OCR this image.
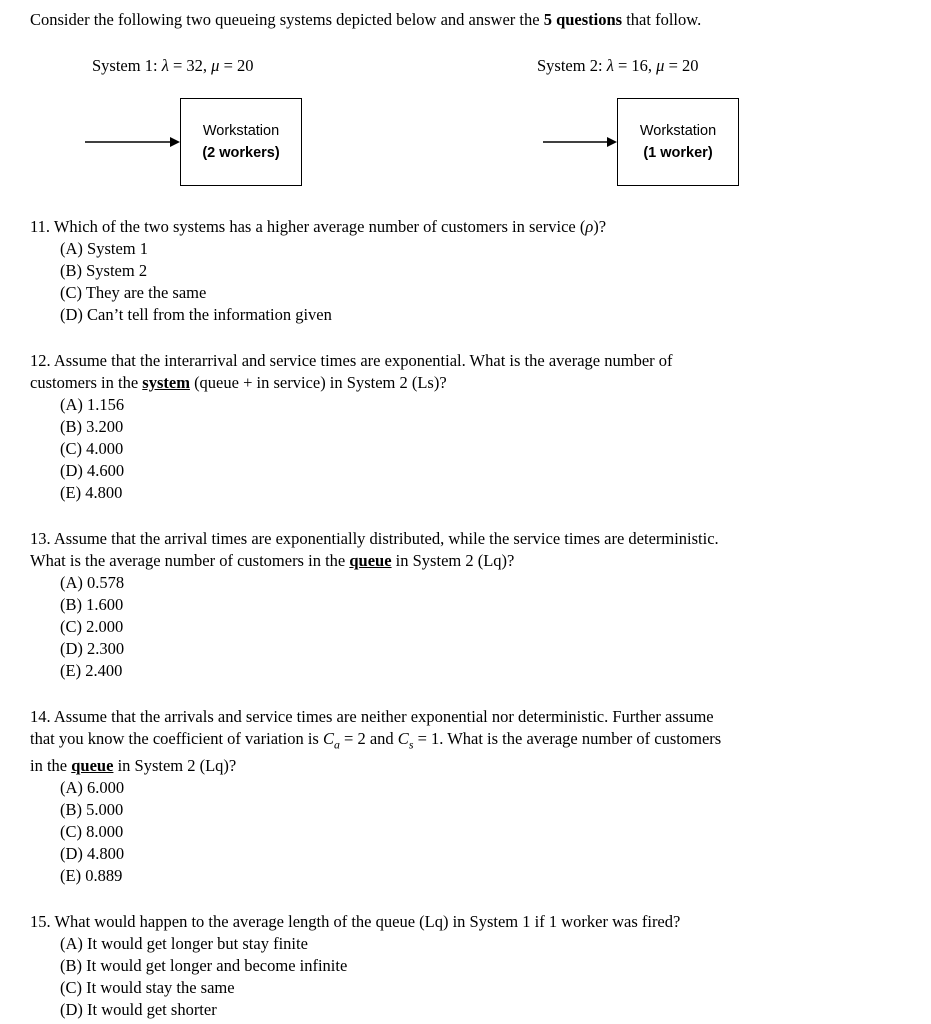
Consider the following two queueing systems depicted below and answer the 5 questions that follow.

System 1: λ = 32, μ = 20	System 2: λ = 16, μ = 20
Workstation
(2 workers)
Workstation
(1 worker)
11. Which of the two systems has a higher average number of customers in service (ρ)?
(A) System 1
(B) System 2
(C) They are the same
(D) Can’t tell from the information given
12. Assume that the interarrival and service times are exponential. What is the average number of
customers in the system (queue + in service) in System 2 (Ls)?
(A) 1.156
(B) 3.200
(C) 4.000
(D) 4.600
(E) 4.800
13. Assume that the arrival times are exponentially distributed, while the service times are deterministic.
What is the average number of customers in the queue in System 2 (Lq)?
(A) 0.578
(B) 1.600
(C) 2.000
(D) 2.300
(E) 2.400
14. Assume that the arrivals and service times are neither exponential nor deterministic. Further assume
that you know the coefficient of variation is $C_a = 2$ and $C_s = 1$. What is the average number of customers
in the queue in System 2 (Lq)?
(A) 6.000
(B) 5.000
(C) 8.000
(D) 4.800
(E) 0.889
15. What would happen to the average length of the queue (Lq) in System 1 if 1 worker was fired?
(A) It would get longer but stay finite
(B) It would get longer and become infinite
(C) It would stay the same
(D) It would get shorter
